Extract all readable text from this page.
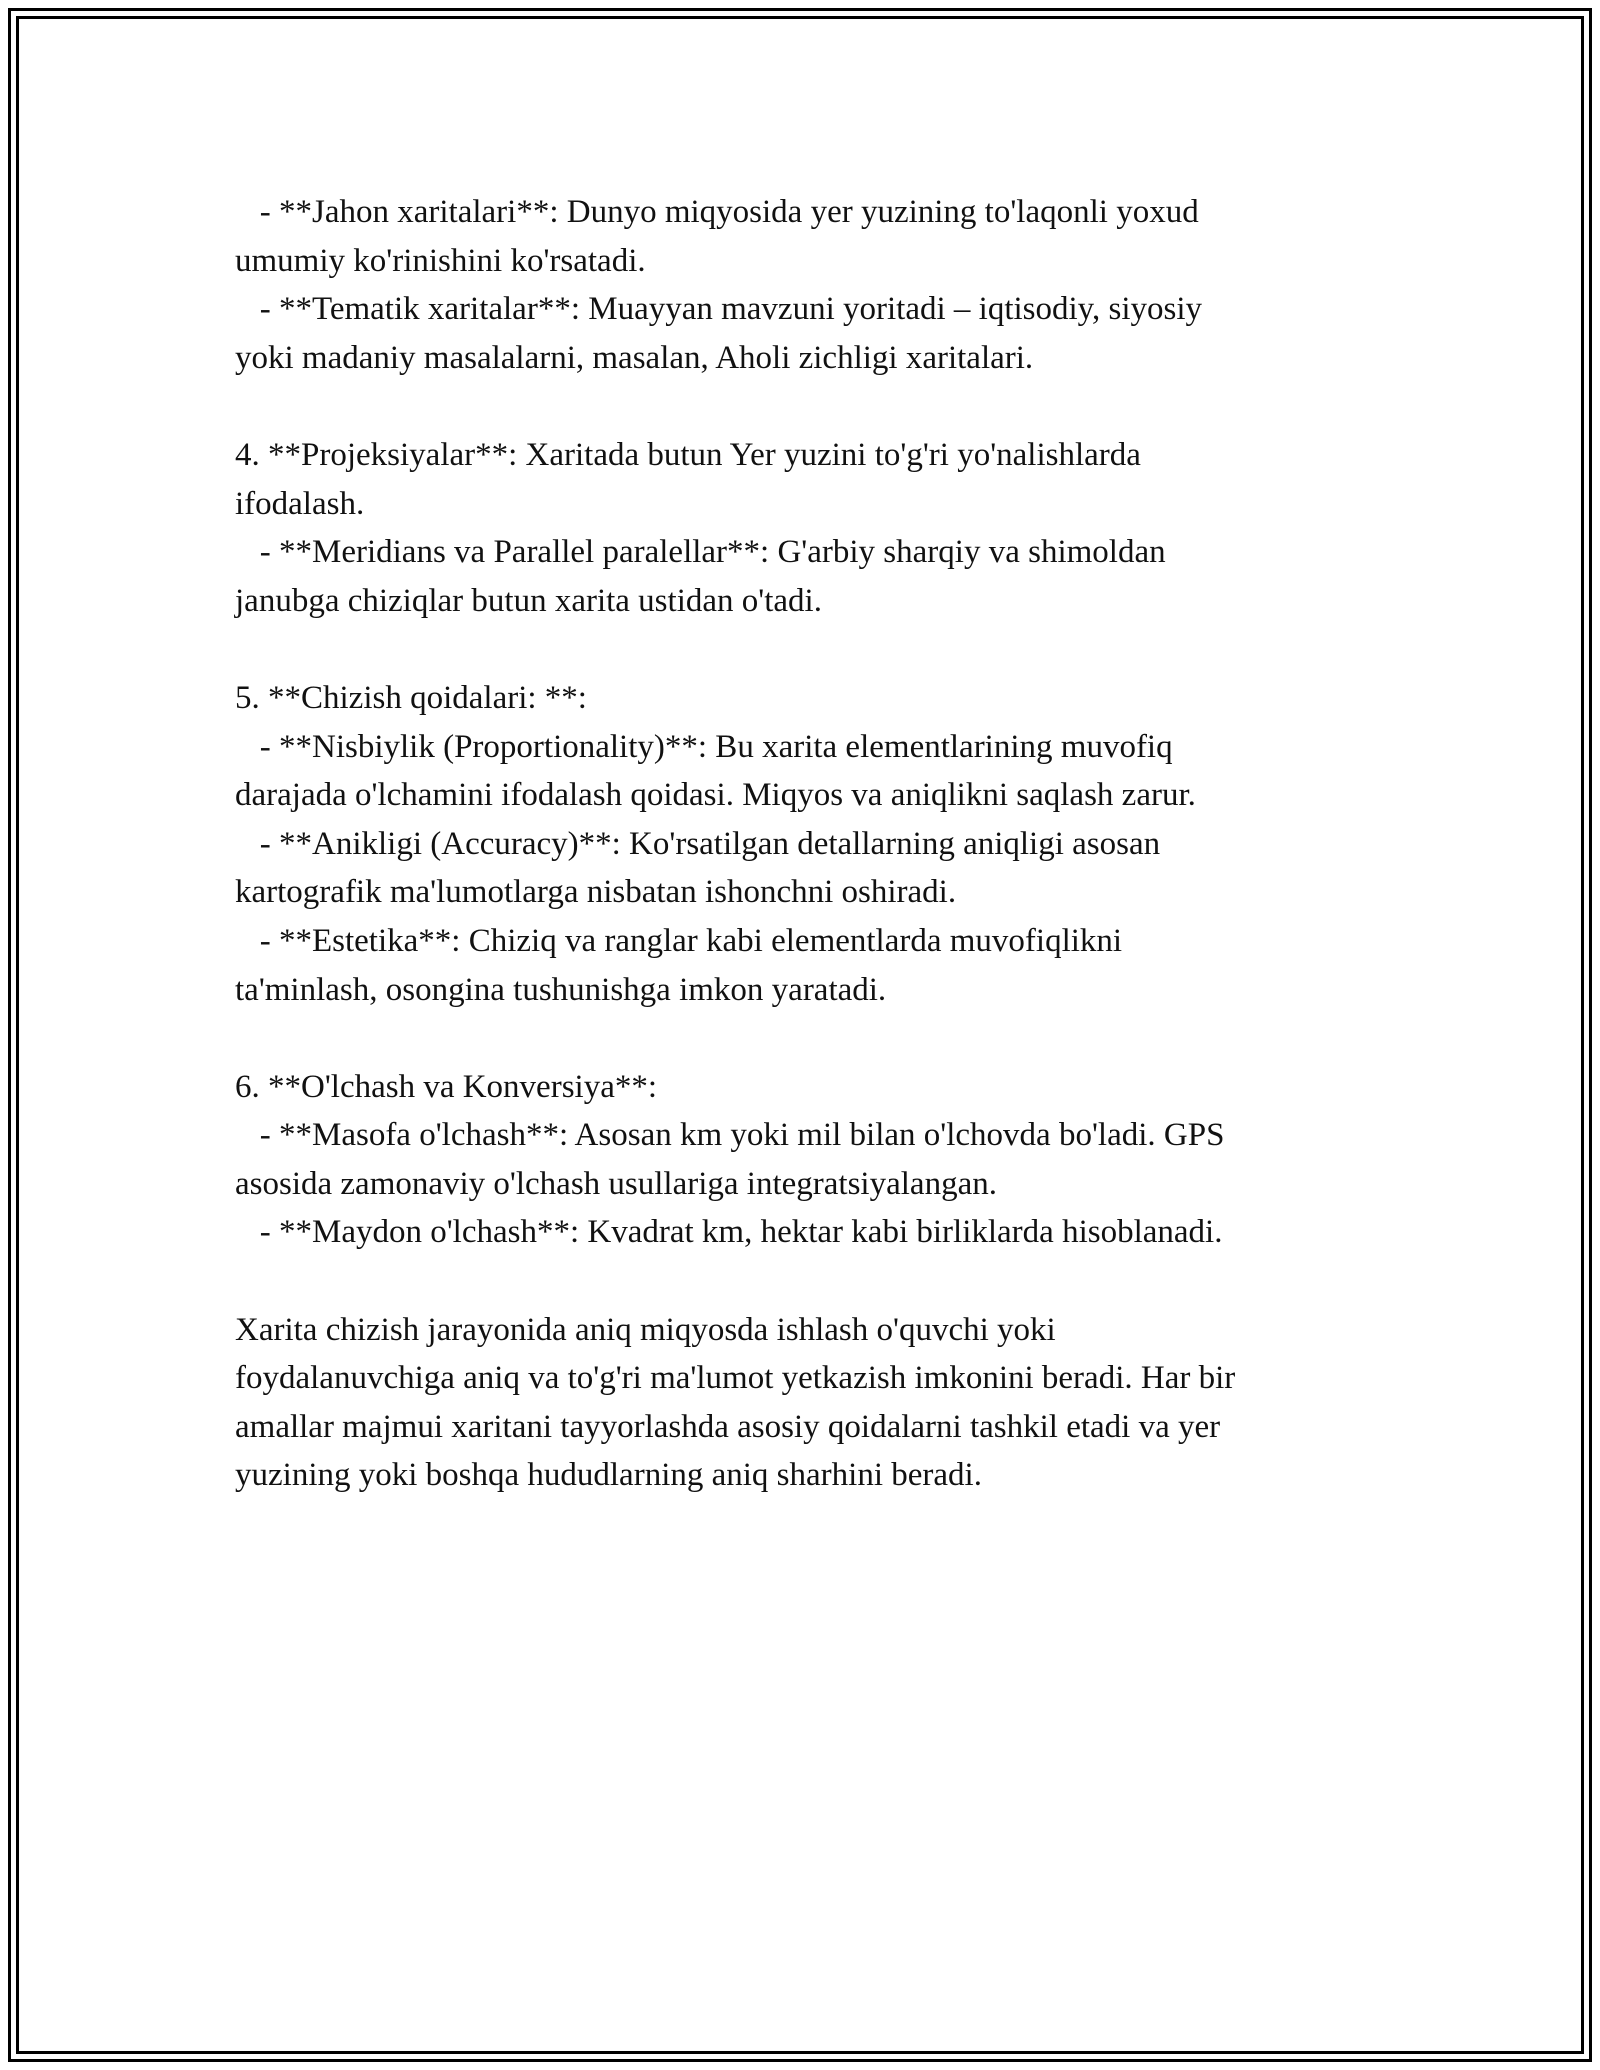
- **Jahon xaritalari**: Dunyo miqyosida yer yuzining to'laqonli yoxud
umumiy ko'rinishini ko'rsatadi.
- **Tematik xaritalar**: Muayyan mavzuni yoritadi – iqtisodiy, siyosiy
yoki madaniy masalalarni, masalan, Aholi zichligi xaritalari.
4. **Projeksiyalar**: Xaritada butun Yer yuzini to'g'ri yo'nalishlarda
ifodalash.
- **Meridians va Parallel paralellar**: G'arbiy sharqiy va shimoldan
janubga chiziqlar butun xarita ustidan o'tadi.
5. **Chizish qoidalari: **:
- **Nisbiylik (Proportionality)**: Bu xarita elementlarining muvofiq
darajada o'lchamini ifodalash qoidasi. Miqyos va aniqlikni saqlash zarur.
- **Anikligi (Accuracy)**: Ko'rsatilgan detallarning aniqligi asosan
kartografik ma'lumotlarga nisbatan ishonchni oshiradi.
- **Estetika**: Chiziq va ranglar kabi elementlarda muvofiqlikni
ta'minlash, osongina tushunishga imkon yaratadi.
6. **O'lchash va Konversiya**:
- **Masofa o'lchash**: Asosan km yoki mil bilan o'lchovda bo'ladi. GPS
asosida zamonaviy o'lchash usullariga integratsiyalangan.
- **Maydon o'lchash**: Kvadrat km, hektar kabi birliklarda hisoblanadi.
Xarita chizish jarayonida aniq miqyosda ishlash o'quvchi yoki
foydalanuvchiga aniq va to'g'ri ma'lumot yetkazish imkonini beradi. Har bir
amallar majmui xaritani tayyorlashda asosiy qoidalarni tashkil etadi va yer
yuzining yoki boshqa hududlarning aniq sharhini beradi.
